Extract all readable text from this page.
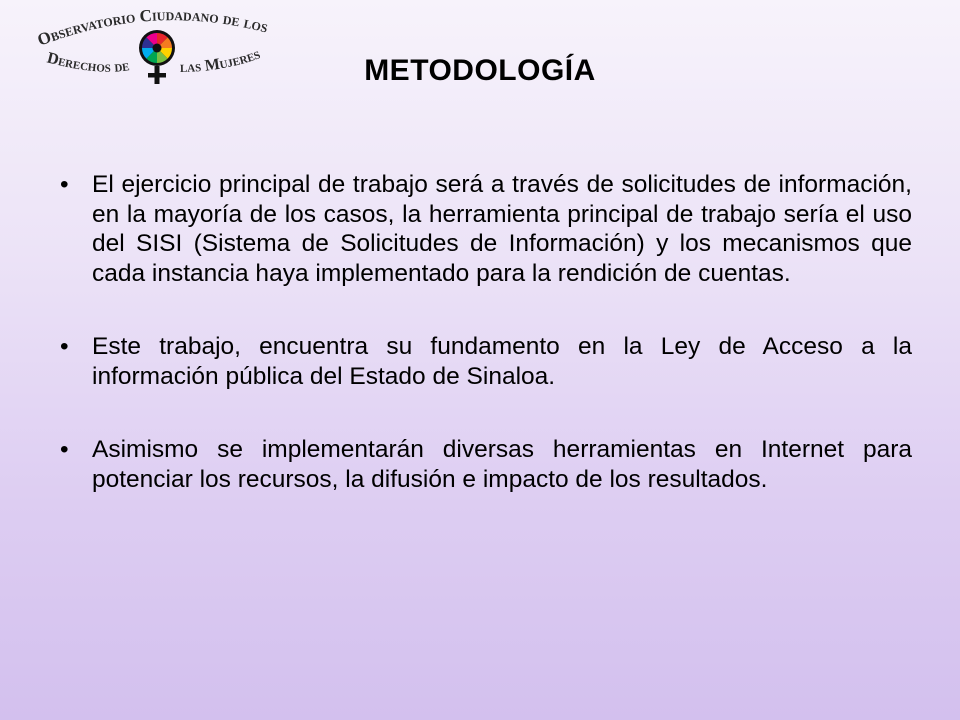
Observatorio Ciudadano de los
Derechos de	las Mujeres	METODOLOGÍA
• El ejercicio principal de trabajo será a través de solicitudes de información, en la mayoría de los casos, la herramienta principal de trabajo sería el uso del SISI (Sistema de Solicitudes de Información) y los mecanismos que cada instancia haya implementado para la rendición de cuentas.
• Este trabajo, encuentra su fundamento en la Ley de Acceso a la información pública del Estado de Sinaloa.
• Asimismo se implementarán diversas herramientas en Internet para potenciar los recursos, la difusión e impacto de los resultados.
